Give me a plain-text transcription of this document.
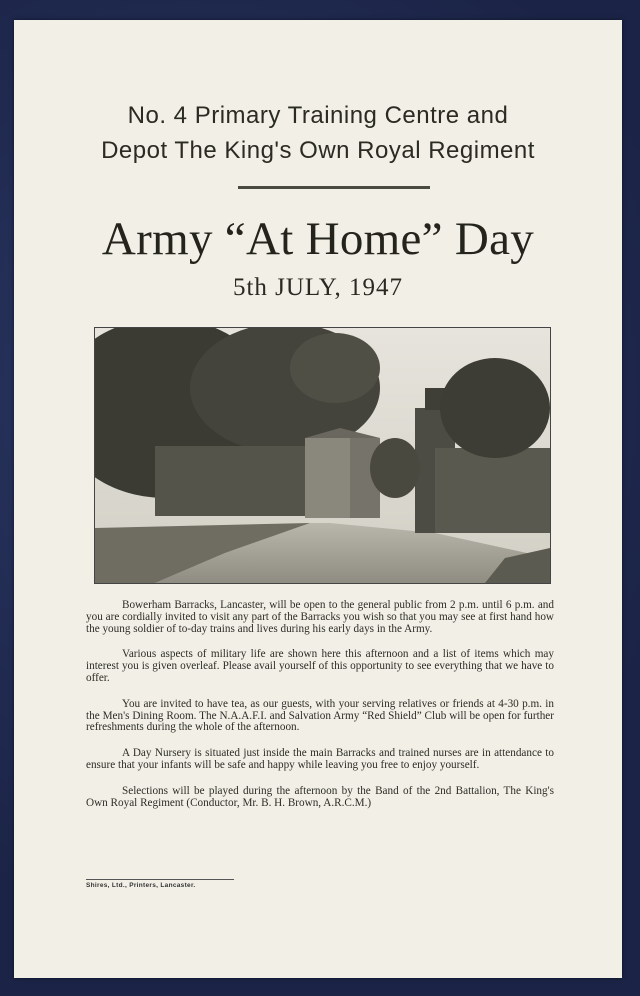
No. 4 Primary Training Centre and
Depot The King's Own Royal Regiment
Army “At Home” Day
5th JULY, 1947

Bowerham Barracks, Lancaster, will be open to the general public from 2 p.m. until 6 p.m. and you are cordially invited to visit any part of the Barracks you wish so that you may see at first hand how the young soldier of to-day trains and lives during his early days in the Army.

Various aspects of military life are shown here this afternoon and a list of items which may interest you is given overleaf. Please avail yourself of this opportunity to see everything that we have to offer.

You are invited to have tea, as our guests, with your serving relatives or friends at 4-30 p.m. in the Men's Dining Room. The N.A.A.F.I. and Salvation Army “Red Shield” Club will be open for further refreshments during the whole of the afternoon.

A Day Nursery is situated just inside the main Barracks and trained nurses are in attendance to ensure that your infants will be safe and happy while leaving you free to enjoy yourself.

Selections will be played during the afternoon by the Band of the 2nd Battalion, The King's Own Royal Regiment (Conductor, Mr. B. H. Brown, A.R.C.M.)

Shires, Ltd., Printers, Lancaster.
